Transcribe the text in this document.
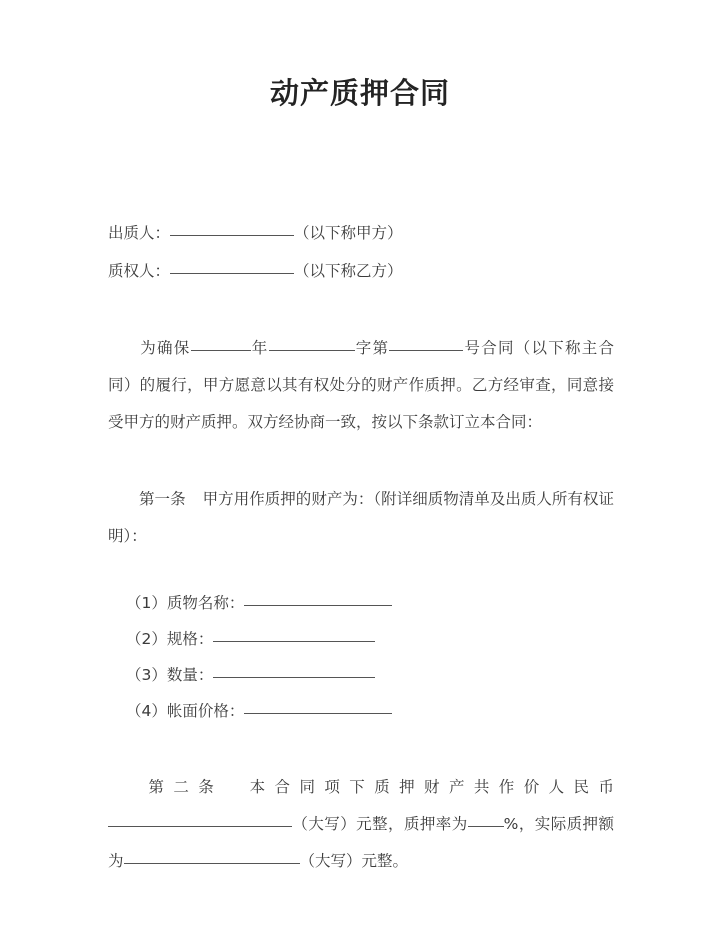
动产质押合同
出质人：	（以下称甲方）
质权人：	（以下称乙方）
为确保	年	字第	号合同（以下称主合同）的履行，甲方愿意以其有权处分的财产作质押。乙方经审查，同意接受甲方的财产质押。双方经协商一致，按以下条款订立本合同：
第一条 甲方用作质押的财产为：（附详细质物清单及出质人所有权证明）：
（1）质物名称：
（2）规格：
（3）数量：
（4）帐面价格：
第二条 本合同项下质押财产共作价人民币（大写）元整，质押率为 %，实际质押额为	（大写）元整。
